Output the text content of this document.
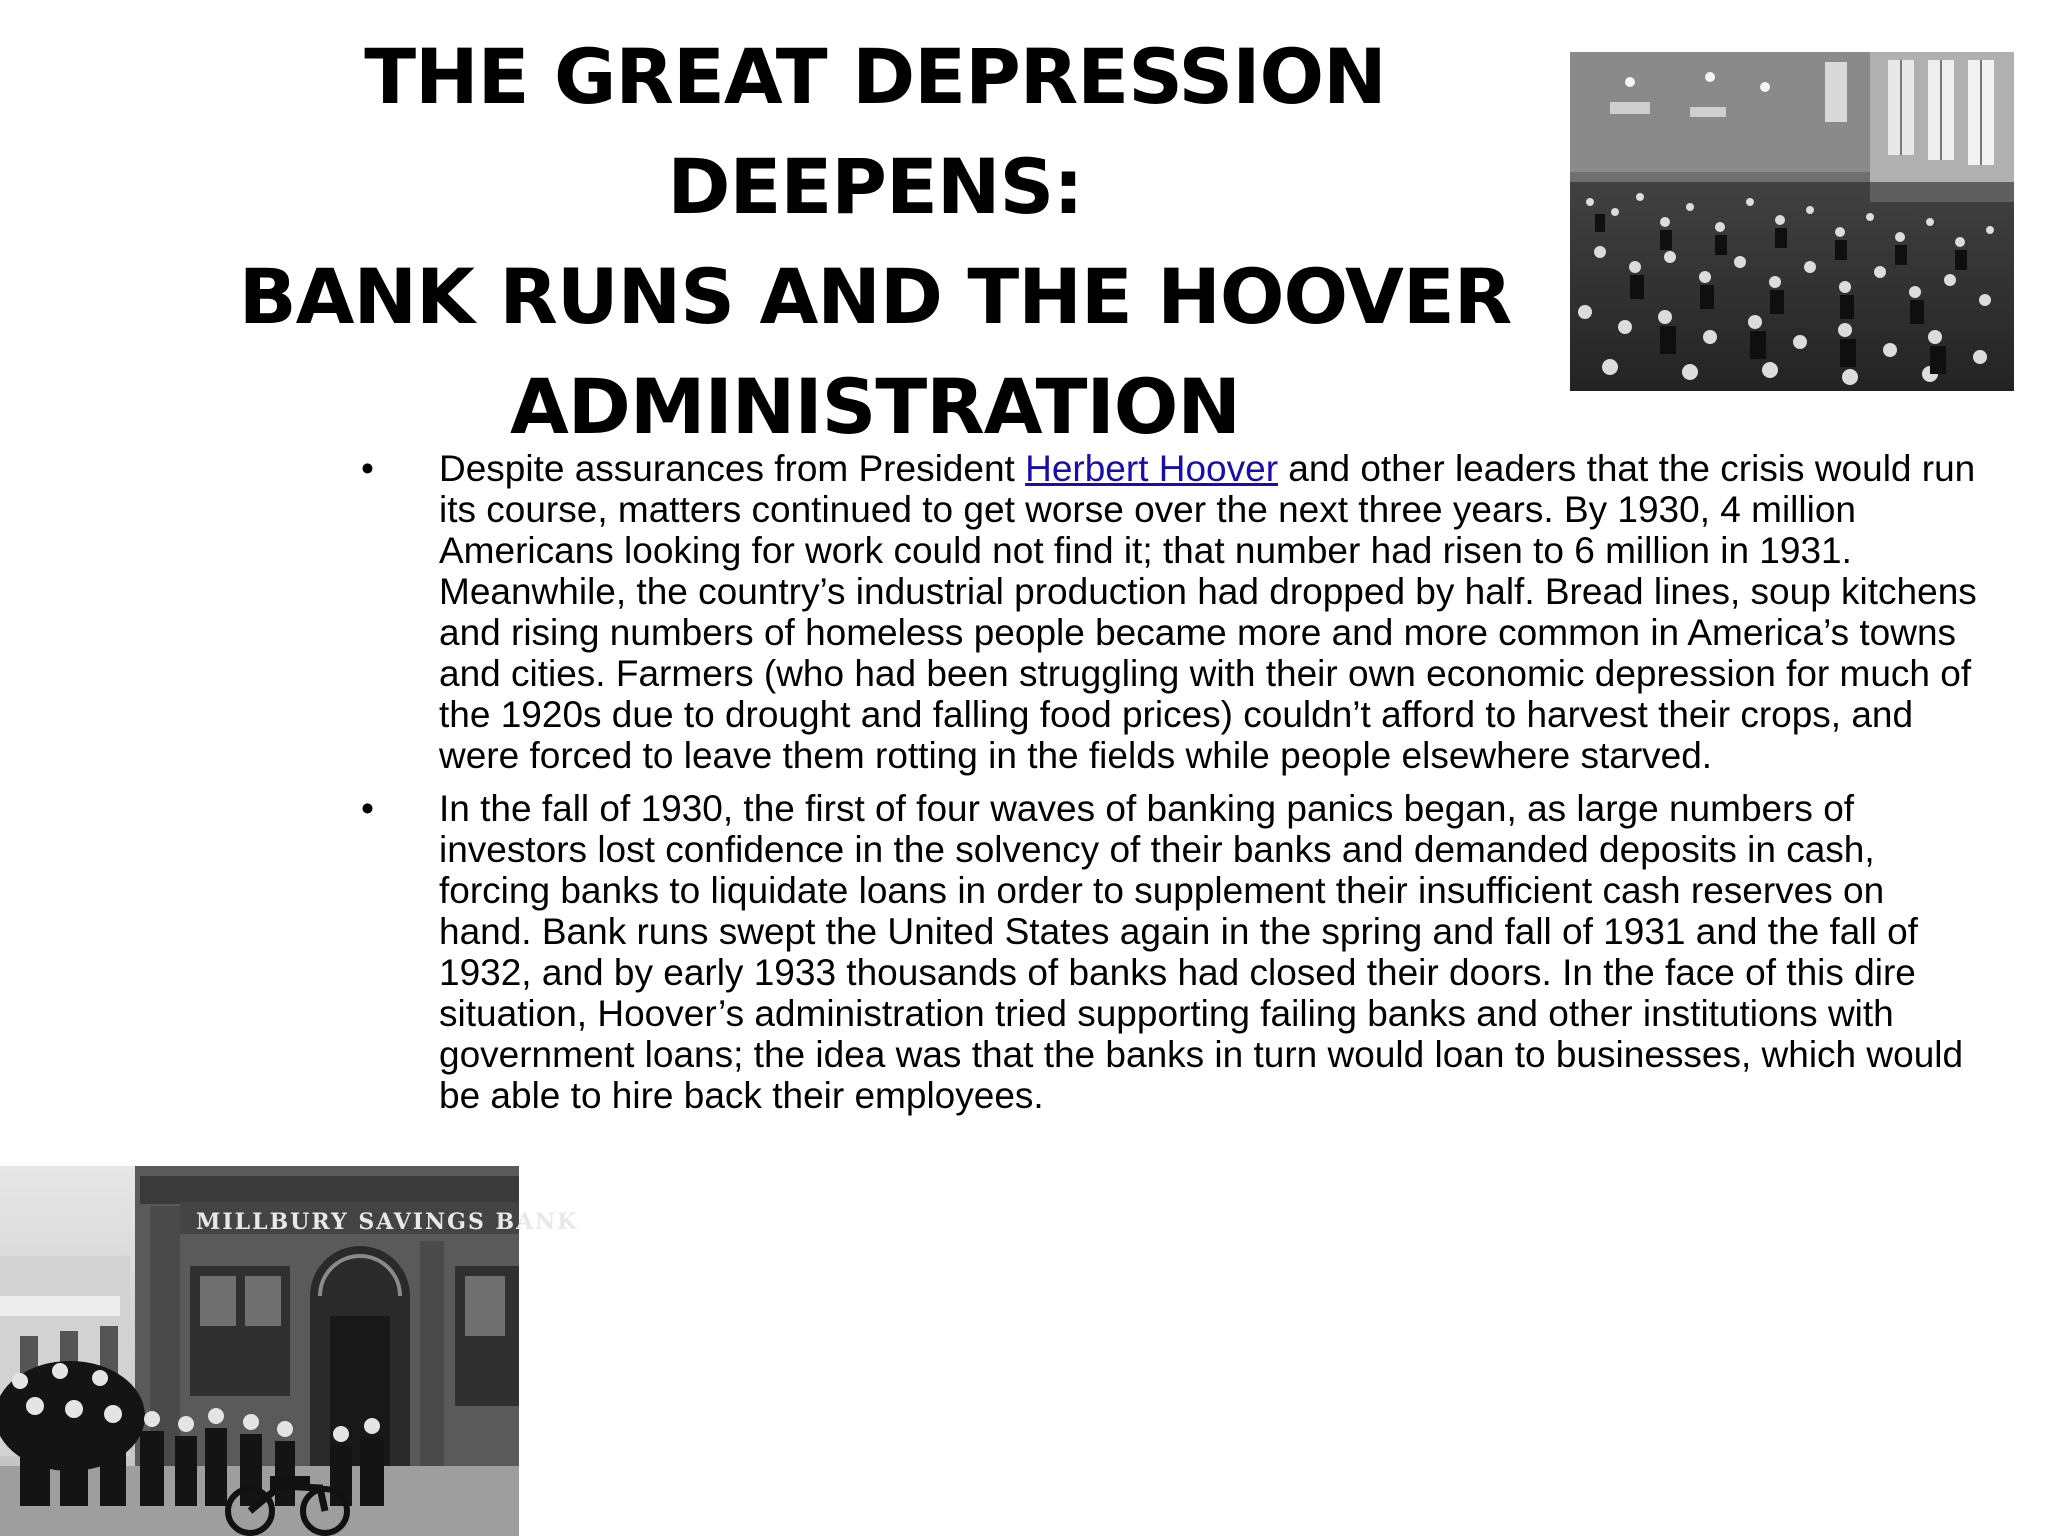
THE GREAT DEPRESSION DEEPENS:
BANK RUNS AND THE HOOVER
ADMINISTRATION
• Despite assurances from President Herbert Hoover and other leaders that the crisis would run its course, matters continued to get worse over the next three years. By 1930, 4 million Americans looking for work could not find it; that number had risen to 6 million in 1931. Meanwhile, the country’s industrial production had dropped by half. Bread lines, soup kitchens and rising numbers of homeless people became more and more common in America’s towns and cities. Farmers (who had been struggling with their own economic depression for much of the 1920s due to drought and falling food prices) couldn’t afford to harvest their crops, and were forced to leave them rotting in the fields while people elsewhere starved.
• In the fall of 1930, the first of four waves of banking panics began, as large numbers of investors lost confidence in the solvency of their banks and demanded deposits in cash, forcing banks to liquidate loans in order to supplement their insufficient cash reserves on hand. Bank runs swept the United States again in the spring and fall of 1931 and the fall of 1932, and by early 1933 thousands of banks had closed their doors. In the face of this dire situation, Hoover’s administration tried supporting failing banks and other institutions with government loans; the idea was that the banks in turn would loan to businesses, which would be able to hire back their employees.
MILLBURY SAVINGS BANK
